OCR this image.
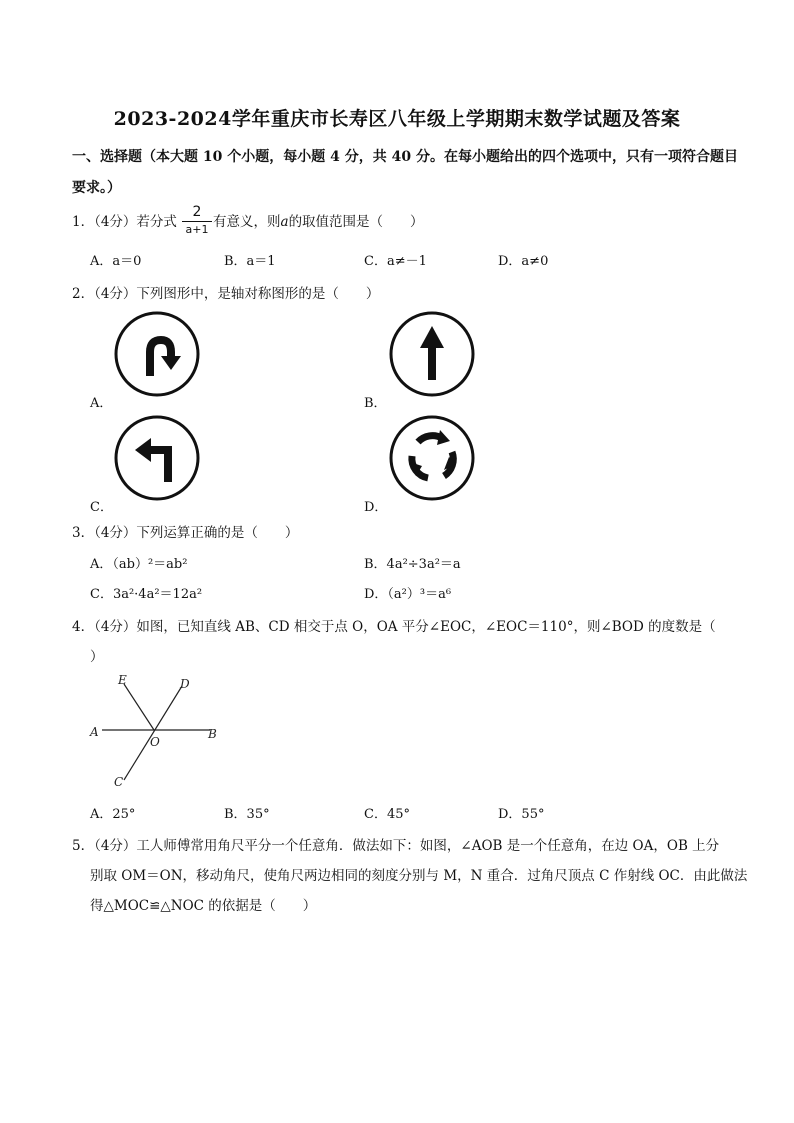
2023-2024学年重庆市长寿区八年级上学期期末数学试题及答案
一、选择题（本大题 10 个小题，每小题 4 分，共 40 分。在每小题给出的四个选项中，只有一项符合题目
要求。）
1．（4分）若分式
2
a+1 有意义，则a的取值范围是（　　）
A．a＝0	B．a＝1	C．a≠－1	D．a≠0
2．（4分）下列图形中，是轴对称图形的是（　　）
A．	B．
C．	D．
3．（4分）下列运算正确的是（　　）
A．（ab）²＝ab²	B．4a²÷3a²＝a
C．3a²·4a²＝12a²	D．（a²）³＝a⁶
4．（4分）如图，已知直线 AB、CD 相交于点 O，OA 平分∠EOC，∠EOC＝110°，则∠BOD 的度数是（
）
A	B
C
D
E
O
A．25°	B．35°	C．45°	D．55°
5．（4分）工人师傅常用角尺平分一个任意角．做法如下：如图，∠AOB 是一个任意角，在边 OA，OB 上分
别取 OM＝ON，移动角尺，使角尺两边相同的刻度分别与 M，N 重合．过角尺顶点 C 作射线 OC．由此做法
得△MOC≌△NOC 的依据是（　　）
